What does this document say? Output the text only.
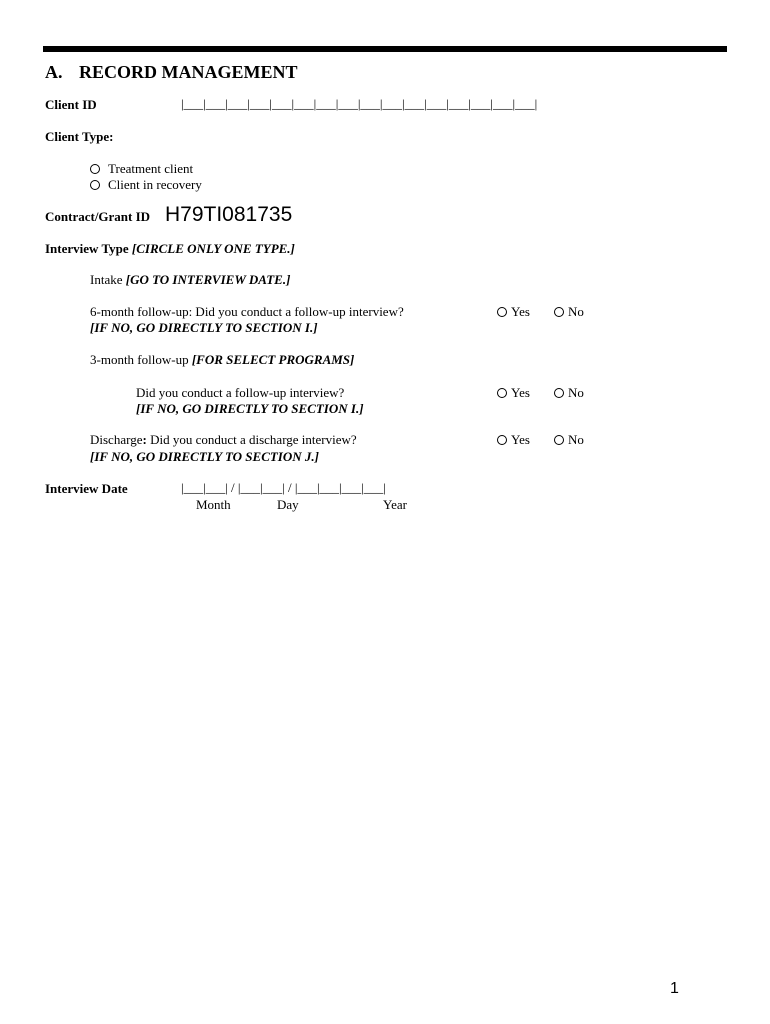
A. RECORD MANAGEMENT
Client ID	|___|___|___|___|___|___|___|___|___|___|___|___|___|___|___|___|
Client Type:
Treatment client
Client in recovery
Contract/Grant ID H79TI081735
Interview Type [CIRCLE ONLY ONE TYPE.]
Intake [GO TO INTERVIEW DATE.]
6-month follow-up: Did you conduct a follow-up interview?
[IF NO, GO DIRECTLY TO SECTION I.]
Yes	No
3-month follow-up [FOR SELECT PROGRAMS]
Did you conduct a follow-up interview?
[IF NO, GO DIRECTLY TO SECTION I.]
Yes	No
Discharge: Did you conduct a discharge interview?
[IF NO, GO DIRECTLY TO SECTION J.]
Yes	No
Interview Date	|___|___| / |___|___| / |___|___|___|___|
Month	Day	Year
1
